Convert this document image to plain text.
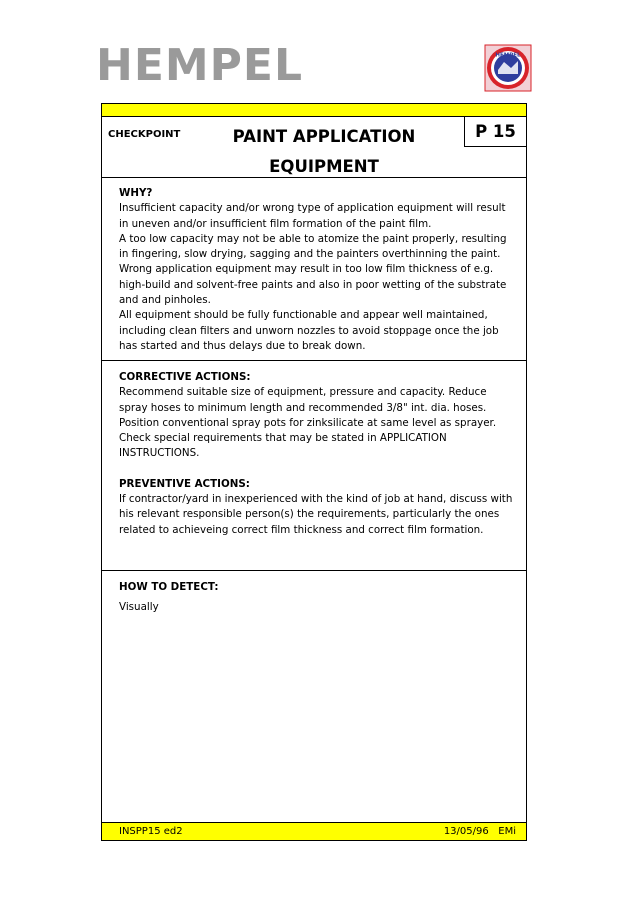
HEMPEL	HEMPEL
CHECKPOINT	PAINT APPLICATION
EQUIPMENT
P 15

WHY?

Insufficient capacity and/or wrong type of application equipment will result in uneven and/or insufficient film formation of the paint film.

A too low capacity may not be able to atomize the paint properly, resulting in fingering, slow drying, sagging and the painters overthinning the paint.

Wrong application equipment may result in too low film thickness of e.g. high-build and solvent-free paints and also in poor wetting of the substrate and and pinholes.

All equipment should be fully functionable and appear well maintained, including clean filters and unworn nozzles to avoid stoppage once the job has started and thus delays due to break down.

CORRECTIVE ACTIONS:

Recommend suitable size of equipment, pressure and capacity. Reduce spray hoses to minimum length and recommended 3/8" int. dia. hoses. Position conventional spray pots for zinksilicate at same level as sprayer. Check special requirements that may be stated in APPLICATION INSTRUCTIONS.

PREVENTIVE ACTIONS:

If contractor/yard in inexperienced with the kind of job at hand, discuss with his relevant responsible person(s) the requirements, particularly the ones related to achieveing correct film thickness and correct film formation.

HOW TO DETECT:

Visually

INSPP15 ed2	13/05/96   EMi
